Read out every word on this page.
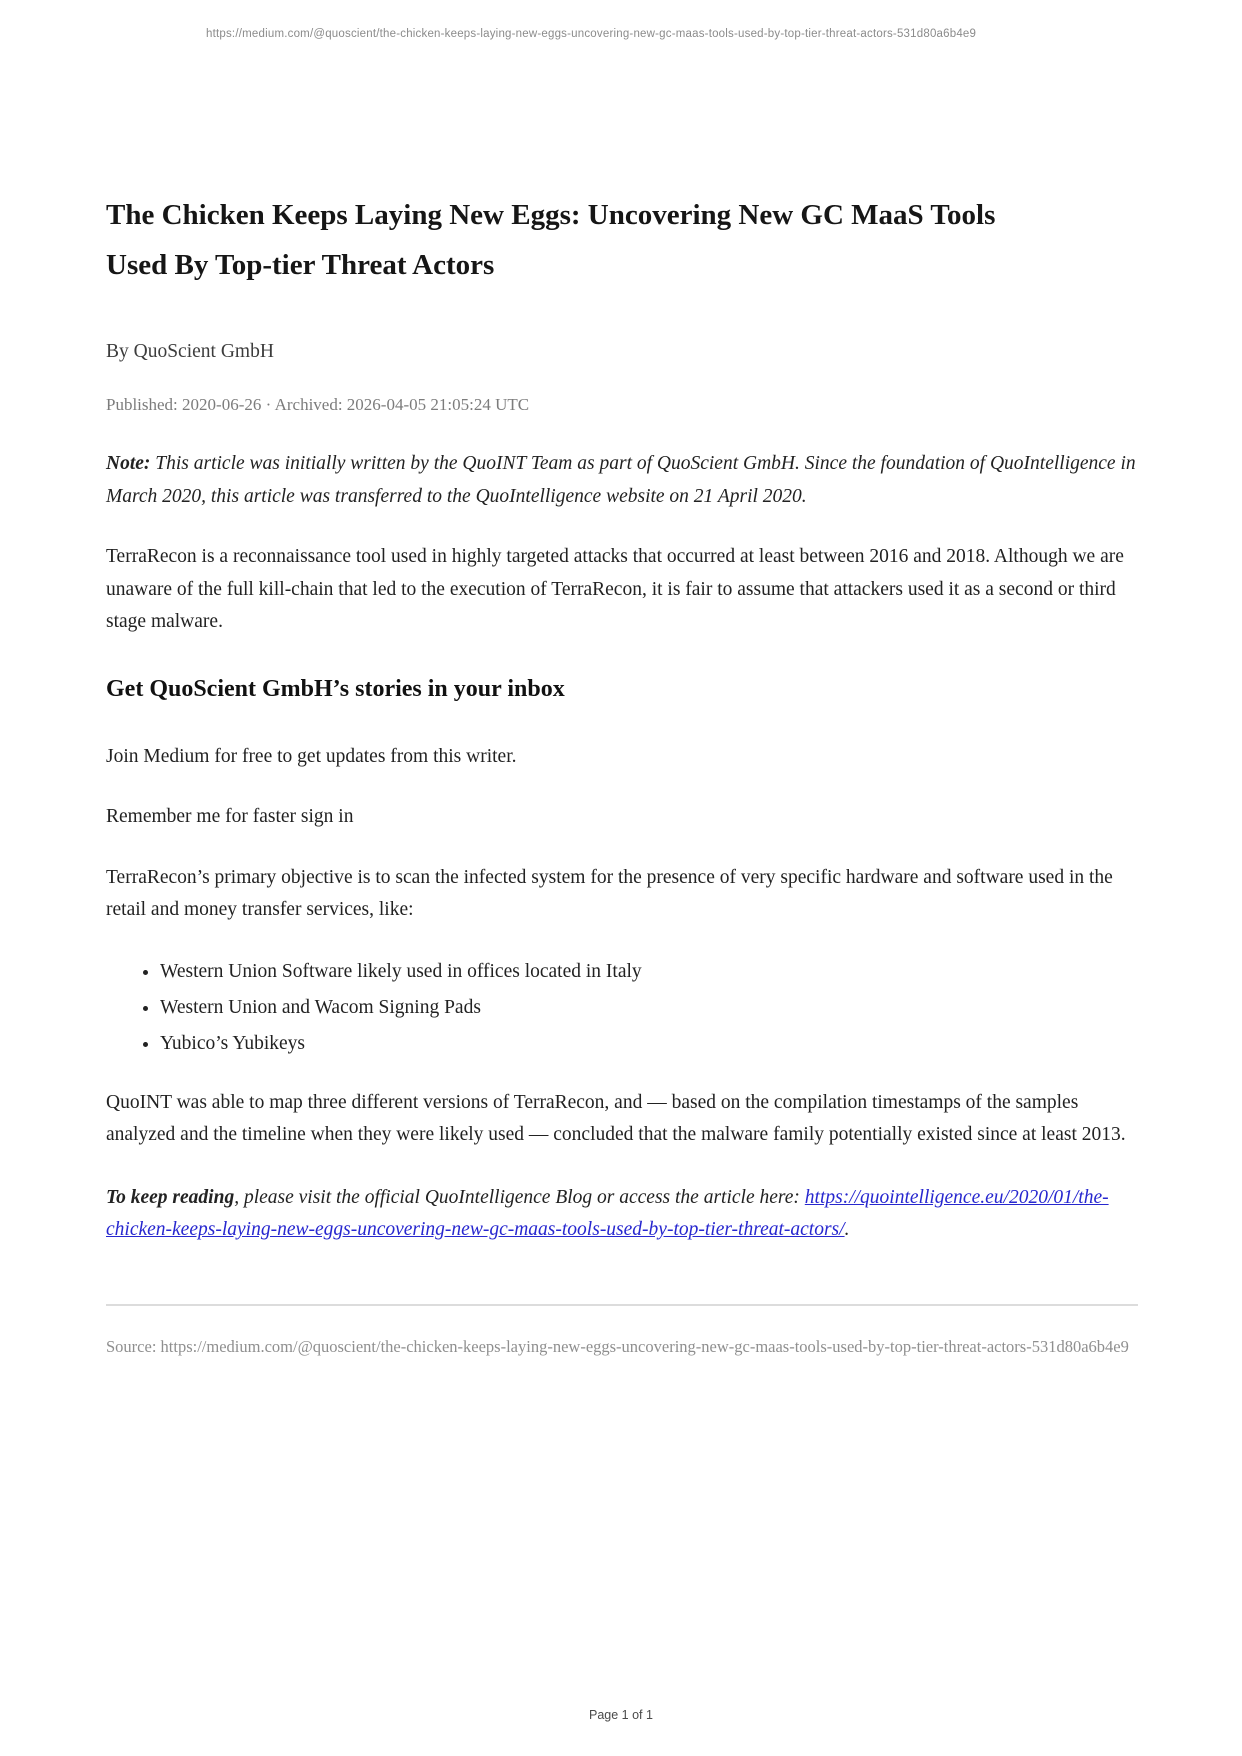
https://medium.com/@quoscient/the-chicken-keeps-laying-new-eggs-uncovering-new-gc-maas-tools-used-by-top-tier-threat-actors-531d80a6b4e9
The Chicken Keeps Laying New Eggs: Uncovering New GC MaaS Tools Used By Top-tier Threat Actors

By QuoScient GmbH

Published: 2020-06-26 · Archived: 2026-04-05 21:05:24 UTC

Note: This article was initially written by the QuoINT Team as part of QuoScient GmbH. Since the foundation of QuoIntelligence in March 2020, this article was transferred to the QuoIntelligence website on 21 April 2020.

TerraRecon is a reconnaissance tool used in highly targeted attacks that occurred at least between 2016 and 2018. Although we are unaware of the full kill-chain that led to the execution of TerraRecon, it is fair to assume that attackers used it as a second or third stage malware.

Get QuoScient GmbH’s stories in your inbox

Join Medium for free to get updates from this writer.

Remember me for faster sign in

TerraRecon’s primary objective is to scan the infected system for the presence of very specific hardware and software used in the retail and money transfer services, like:

• Western Union Software likely used in offices located in Italy
• Western Union and Wacom Signing Pads
• Yubico’s Yubikeys

QuoINT was able to map three different versions of TerraRecon, and — based on the compilation timestamps of the samples analyzed and the timeline when they were likely used — concluded that the malware family potentially existed since at least 2013.

To keep reading, please visit the official QuoIntelligence Blog or access the article here: https://quointelligence.eu/2020/01/the-chicken-keeps-laying-new-eggs-uncovering-new-gc-maas-tools-used-by-top-tier-threat-actors/.

Source: https://medium.com/@quoscient/the-chicken-keeps-laying-new-eggs-uncovering-new-gc-maas-tools-used-by-top-tier-threat-actors-531d80a6b4e9

Page 1 of 1
